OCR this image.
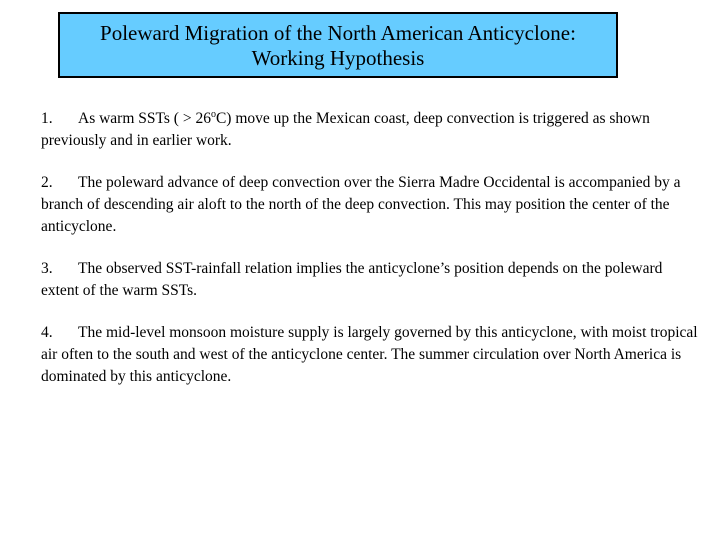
Poleward Migration of the North American Anticyclone:
Working Hypothesis

1. As warm SSTs ( > $26^oC$) move up the Mexican coast, deep convection is triggered as shown previously and in earlier work.

2. The poleward advance of deep convection over the Sierra Madre Occidental is accompanied by a branch of descending air aloft to the north of the deep convection. This may position the center of the anticyclone.

3. The observed SST-rainfall relation implies the anticyclone’s position depends on the poleward extent of the warm SSTs.

4. The mid-level monsoon moisture supply is largely governed by this anticyclone, with moist tropical air often to the south and west of the anticyclone center. The summer circulation over North America is dominated by this anticyclone.
